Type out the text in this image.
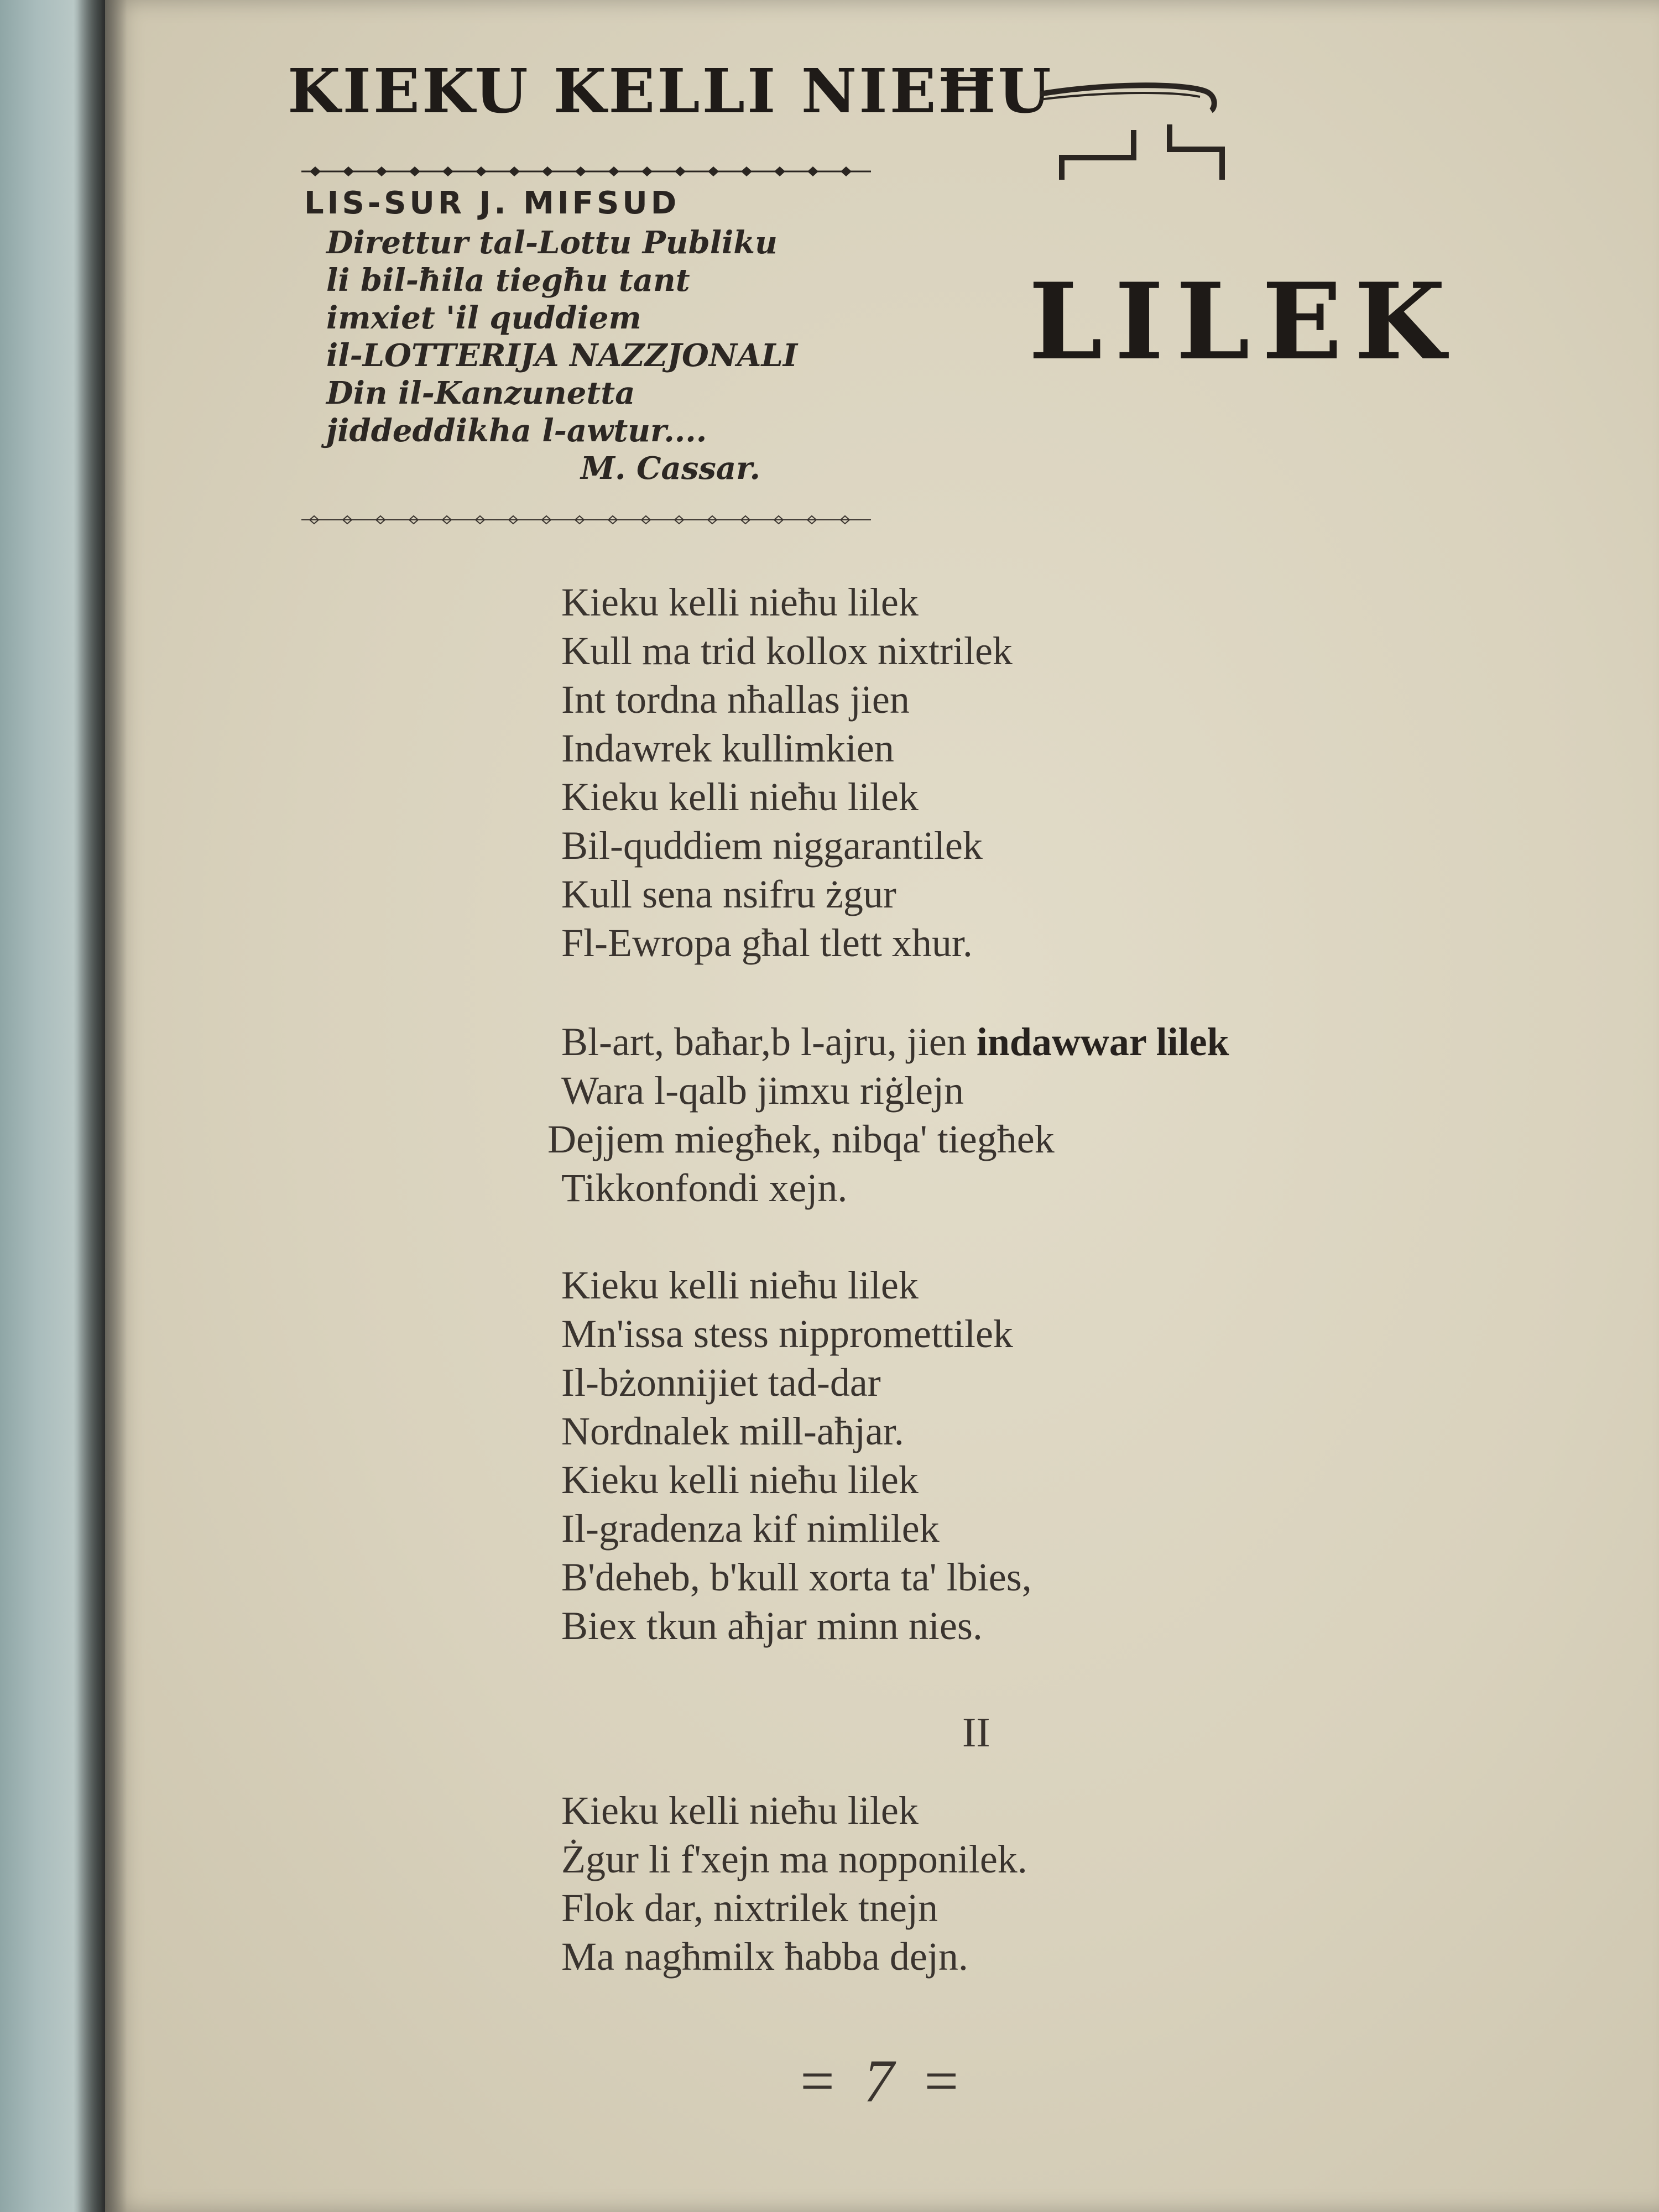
KIEKU KELLI NIEĦU
LIS-SUR J. MIFSUD
Direttur tal-Lottu Publiku
li bil-ħila tiegħu tant
imxiet 'il quddiem
il-LOTTERIJA NAZZJONALI
Din il-Kanzunetta
jiddeddikha l-awtur....
M. Cassar.
LILEK
Kieku kelli nieħu lilek
Kull ma trid kollox nixtrilek
Int tordna nħallas jien
Indawrek kullimkien
Kieku kelli nieħu lilek
Bil-quddiem niggarantilek
Kull sena nsifru żgur
Fl-Ewropa għal tlett xhur.
Bl-art, baħar,b l-ajru, jien indawwar lilek
Wara l-qalb jimxu riġlejn
Dejjem miegħek, nibqa' tiegħek
Tikkonfondi xejn.
Kieku kelli nieħu lilek
Mn'issa stess nippromettilek
Il-bżonnijiet tad-dar
Nordnalek mill-aħjar.
Kieku kelli nieħu lilek
Il-gradenza kif nimlilek
B'deheb, b'kull xorta ta' lbies,
Biex tkun aħjar minn nies.
II
Kieku kelli nieħu lilek
Żgur li f'xejn ma nopponilek.
Flok dar, nixtrilek tnejn
Ma nagħmilx ħabba dejn.
= 7 =
